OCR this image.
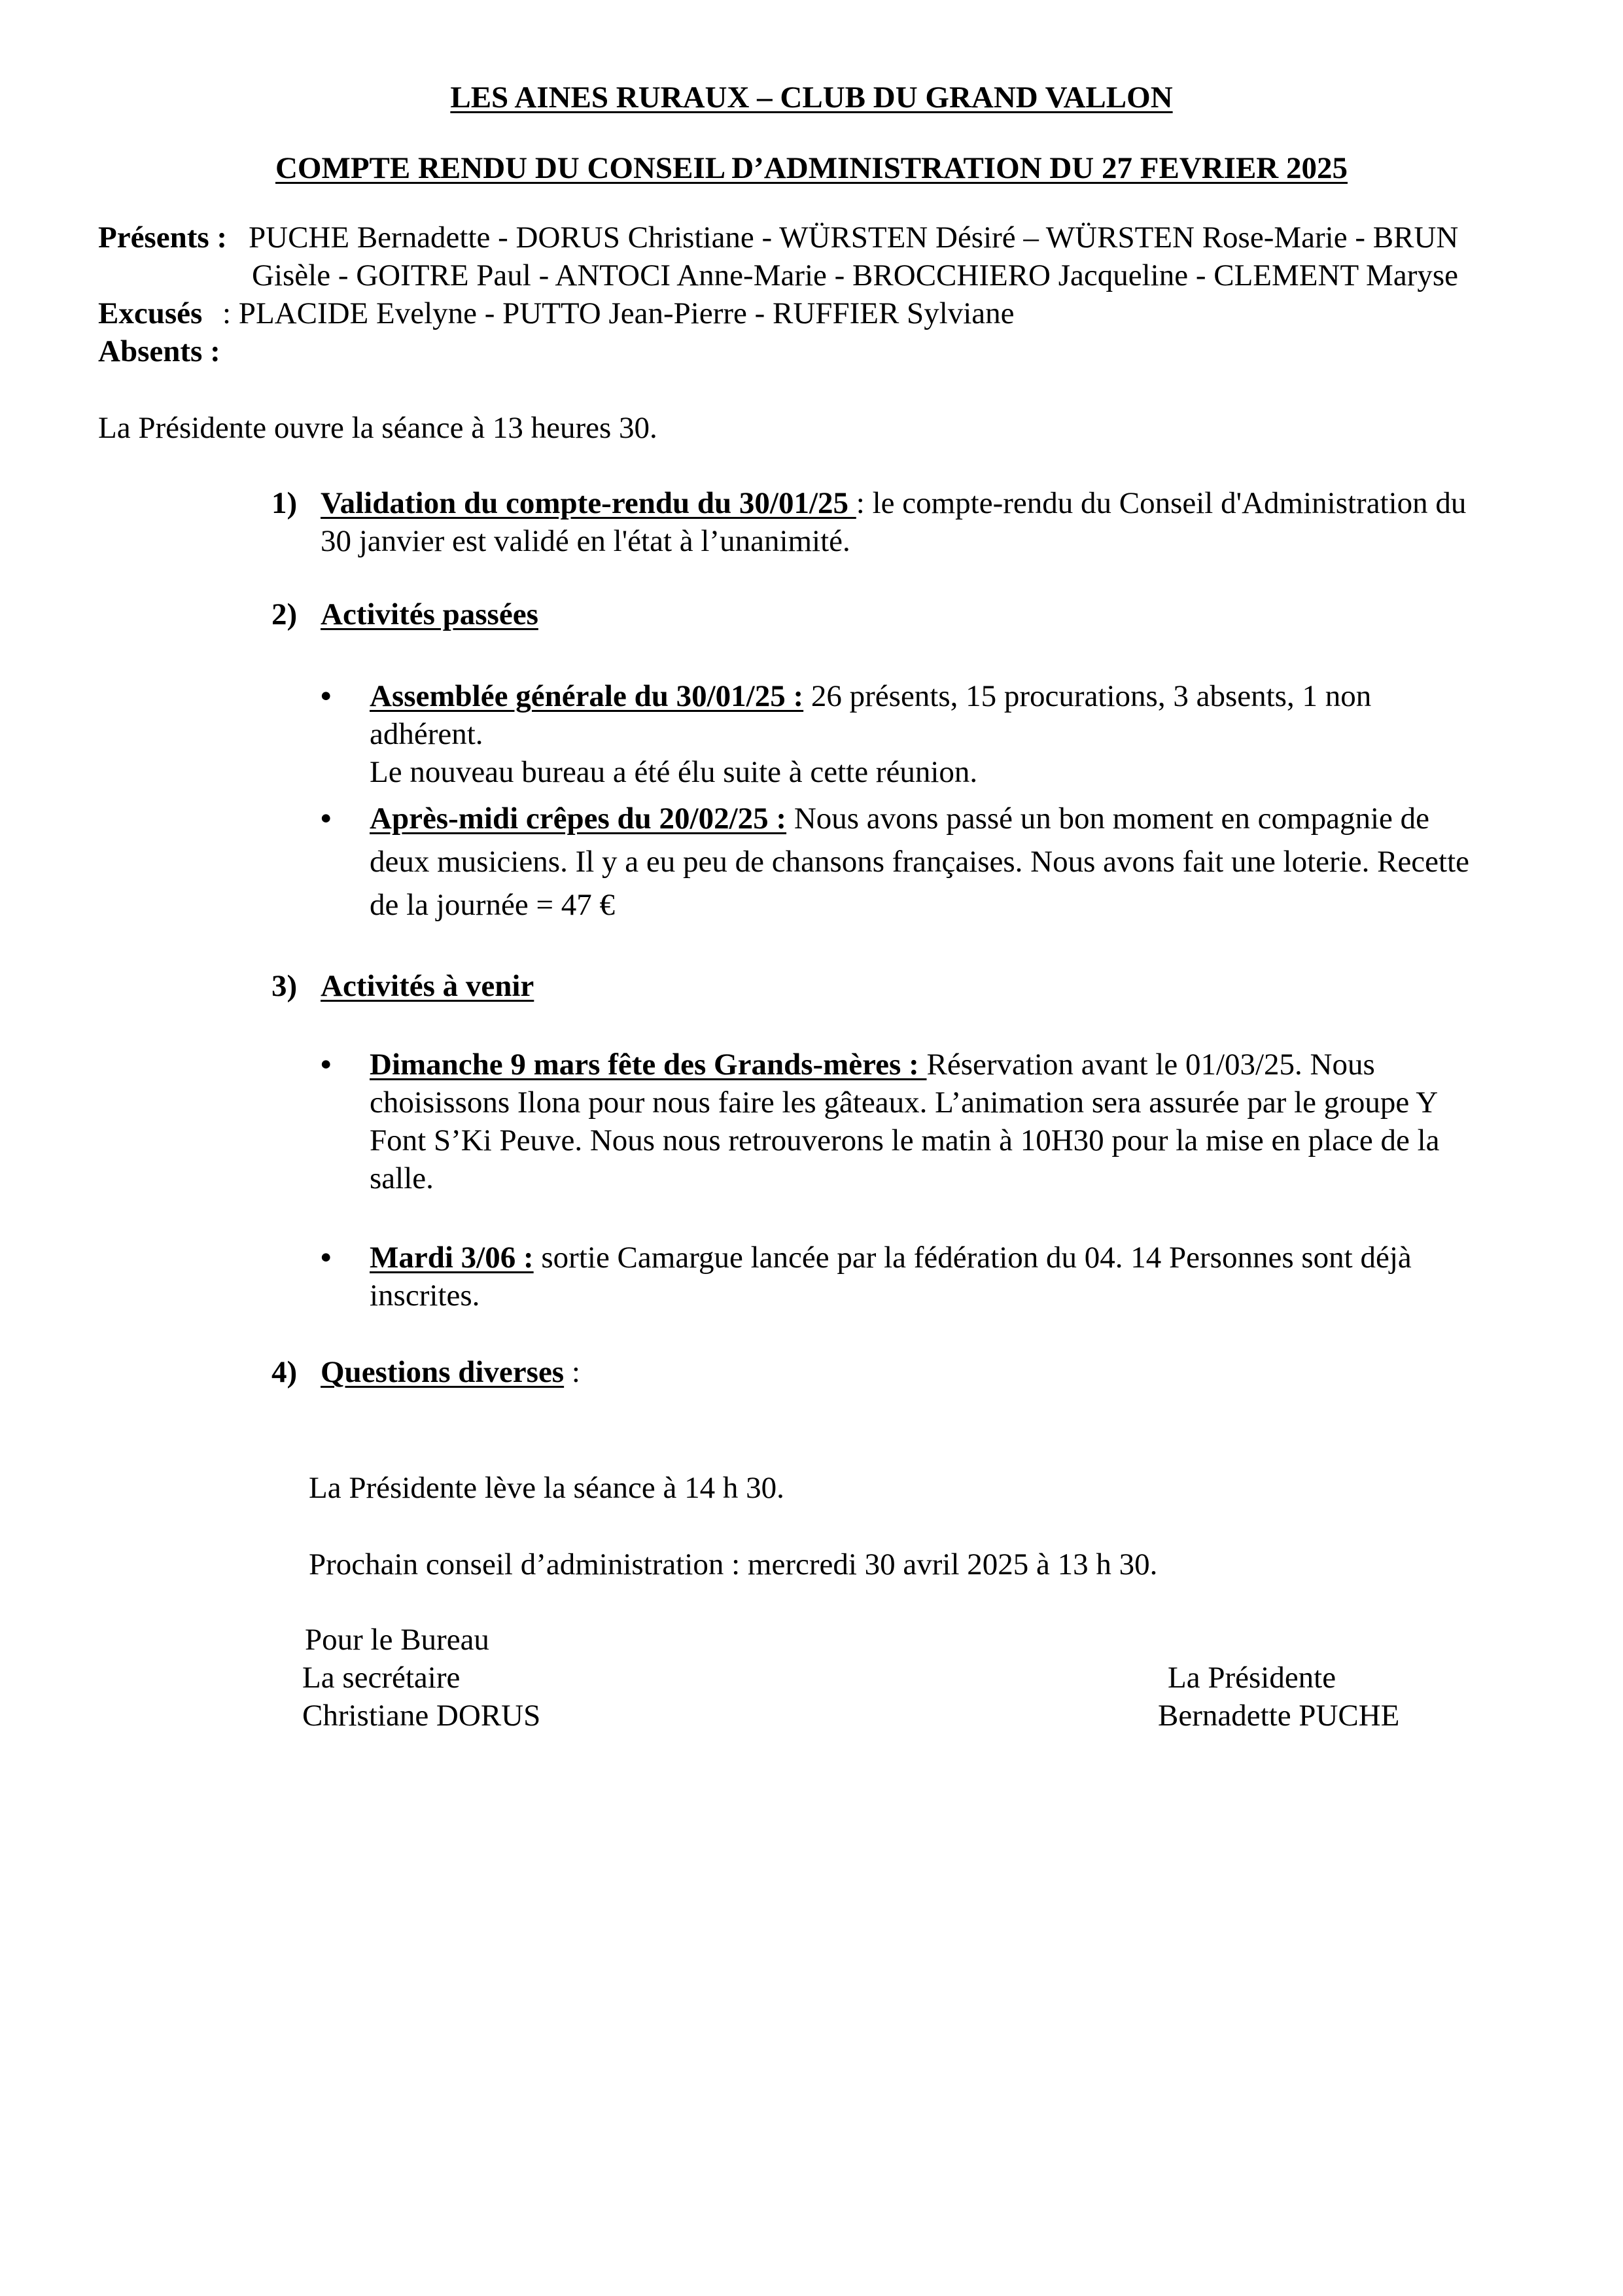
LES AINES RURAUX – CLUB DU GRAND VALLON
COMPTE RENDU DU CONSEIL D’ADMINISTRATION DU 27 FEVRIER 2025
Présents : PUCHE Bernadette - DORUS Christiane - WÜRSTEN Désiré – WÜRSTEN Rose-Marie - BRUN
Gisèle - GOITRE Paul - ANTOCI Anne-Marie - BROCCHIERO Jacqueline - CLEMENT Maryse
Excusés : PLACIDE Evelyne - PUTTO Jean-Pierre - RUFFIER Sylviane
Absents :
La Présidente ouvre la séance à 13 heures 30.
1) Validation du compte-rendu du 30/01/25 : le compte-rendu du Conseil d'Administration du
30 janvier est validé en l'état à l’unanimité.
2) Activités passées
• Assemblée générale du 30/01/25 : 26 présents, 15 procurations, 3 absents, 1 non
adhérent.
Le nouveau bureau a été élu suite à cette réunion.
• Après-midi crêpes du 20/02/25 : Nous avons passé un bon moment en compagnie de
deux musiciens. Il y a eu peu de chansons françaises. Nous avons fait une loterie. Recette
de la journée = 47 €
3) Activités à venir
• Dimanche 9 mars fête des Grands-mères : Réservation avant le 01/03/25. Nous
choisissons Ilona pour nous faire les gâteaux. L’animation sera assurée par le groupe Y
Font S’Ki Peuve. Nous nous retrouverons le matin à 10H30 pour la mise en place de la
salle.
• Mardi 3/06 : sortie Camargue lancée par la fédération du 04. 14 Personnes sont déjà
inscrites.
4) Questions diverses :
La Présidente lève la séance à 14 h 30.
Prochain conseil d’administration : mercredi 30 avril 2025 à 13 h 30.
Pour le Bureau
La secrétaire
Christiane DORUS
La Présidente
Bernadette PUCHE
